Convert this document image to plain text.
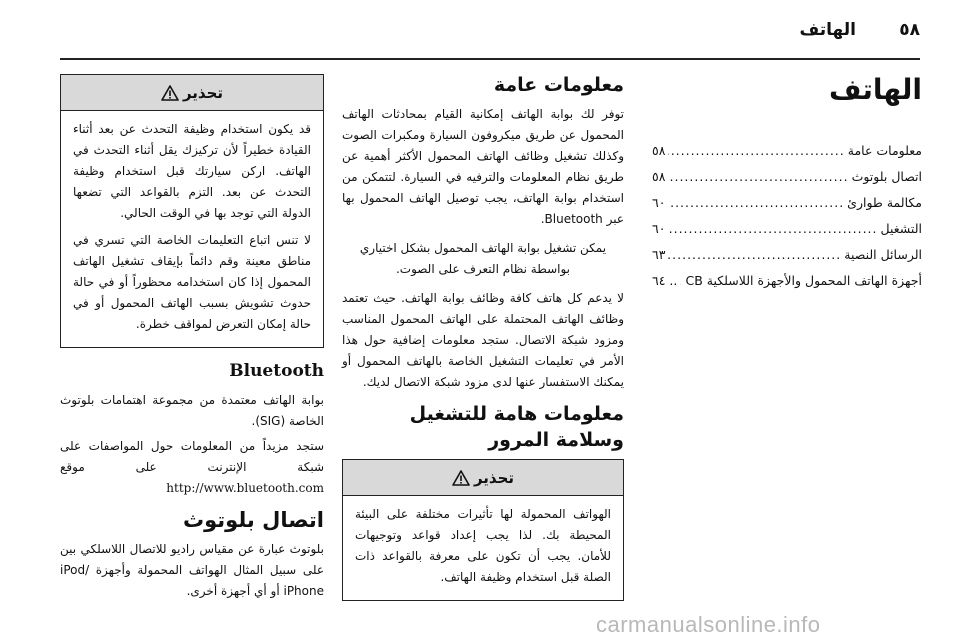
٥٨
الهاتف
الهاتف
معلومات عامة
.....
٥٨
اتصال بلوتوث
.....
٥٨
مكالمة طوارئ
.....
٦٠
التشغيل
.....
٦٠
الرسائل النصية
.....
٦٣
أجهزة الهاتف المحمول والأجهزة اللاسلكية CB
.....
.. ٦٤
معلومات عامة

توفر لك بوابة الهاتف إمكانية القيام بمحادثات الهاتف المحمول عن طريق ميكروفون السيارة ومكبرات الصوت وكذلك تشغيل وظائف الهاتف المحمول الأكثر أهمية عن طريق نظام المعلومات والترفيه في السيارة. لتتمكن من استخدام بوابة الهاتف، يجب توصيل الهاتف المحمول بها عبر Bluetooth.

يمكن تشغيل بوابة الهاتف المحمول بشكل اختياري بواسطة نظام التعرف على الصوت.

لا يدعم كل هاتف كافة وظائف بوابة الهاتف. حيث تعتمد وظائف الهاتف المحتملة على الهاتف المحمول المناسب ومزود شبكة الاتصال. ستجد معلومات إضافية حول هذا الأمر في تعليمات التشغيل الخاصة بالهاتف المحمول أو يمكنك الاستفسار عنها لدى مزود شبكة الاتصال لديك.

معلومات هامة للتشغيل وسلامة المرور
تحذير

الهواتف المحمولة لها تأثيرات مختلفة على البيئة المحيطة بك. لذا يجب إعداد قواعد وتوجيهات للأمان. يجب أن تكون على معرفة بالقواعد ذات الصلة قبل استخدام وظيفة الهاتف.

تحذير

قد يكون استخدام وظيفة التحدث عن بعد أثناء القيادة خطيراً لأن تركيزك يقل أثناء التحدث في الهاتف. اركن سيارتك قبل استخدام وظيفة التحدث عن بعد. التزم بالقواعد التي تضعها الدولة التي توجد بها في الوقت الحالي.

لا تنس اتباع التعليمات الخاصة التي تسري في مناطق معينة وقم دائماً بإيقاف تشغيل الهاتف المحمول إذا كان استخدامه محظوراً أو في حالة حدوث تشويش بسبب الهاتف المحمول أو في حالة إمكان التعرض لمواقف خطرة.

Bluetooth

بوابة الهاتف معتمدة من مجموعة اهتمامات بلوتوث الخاصة (SIG).

ستجد مزيداً من المعلومات حول المواصفات على شبكة الإنترنت على موقع http://www.bluetooth.com

اتصال بلوتوث

بلوتوث عبارة عن مقياس راديو للاتصال اللاسلكي بين على سبيل المثال الهواتف المحمولة وأجهزة iPod/ iPhone أو أي أجهزة أخرى.

carmanualsonline.info
